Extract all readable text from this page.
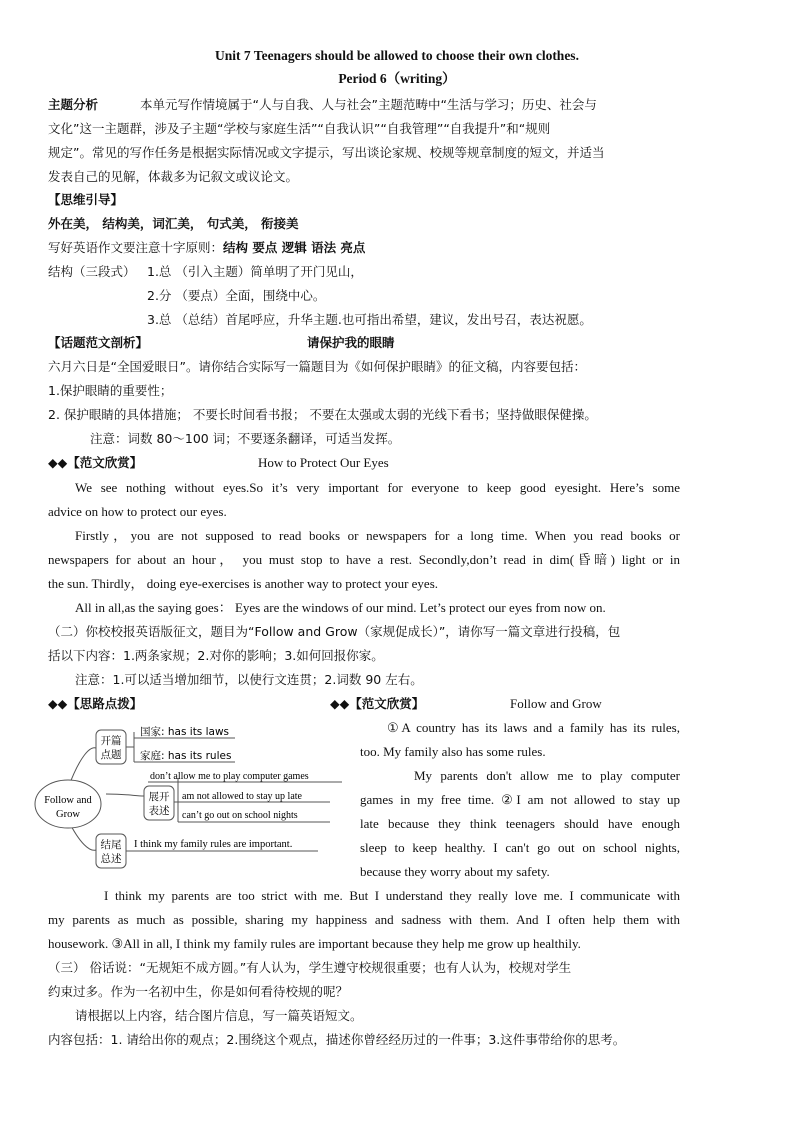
Unit 7 Teenagers should be allowed to choose their own clothes.
Period 6（writing）
主题分析	本单元写作情境属于“人与自我、人与社会”主题范畴中“生活与学习；历史、社会与
文化”这一主题群，涉及子主题“学校与家庭生活”“自我认识”“自我管理”“自我提升”和“规则
规定”。常见的写作任务是根据实际情况或文字提示，写出谈论家规、校规等规章制度的短文，并适当
发表自己的见解，体裁多为记叙文或议论文。
【思维引导】
外在美， 结构美，词汇美， 句式美， 衔接美
写好英语作文要注意十字原则：结构 要点 逻辑 语法 亮点
结构（三段式） 1.总 （引入主题）简单明了开门见山，
2.分 （要点）全面，围绕中心。
3.总 （总结）首尾呼应，升华主题.也可指出希望，建议，发出号召，表达祝愿。
【话题范文剖析】	请保护我的眼睛
六月六日是“全国爱眼日”。请你结合实际写一篇题目为《如何保护眼睛》的征文稿，内容要包括：
1.保护眼睛的重要性；
2. 保护眼睛的具体措施； 不要长时间看书报； 不要在太强或太弱的光线下看书；坚持做眼保健操。
注意：词数 80～100 词；不要逐条翻译，可适当发挥。
◆◆【范文欣赏】	How to Protect Our Eyes
We see nothing without eyes.So it’s very important for everyone to keep good eyesight. Here’s some
advice on how to protect our eyes.
Firstly，you are not supposed to read books or newspapers for a long time. When you read books or
newspapers for about an hour， you must stop to have a rest. Secondly,don’t read in dim(昏暗) light or in
the sun. Thirdly， doing eye-exercises is another way to protect your eyes.
All in all,as the saying goes： Eyes are the windows of our mind. Let’s protect our eyes from now on.
（二）你校校报英语版征文，题目为“Follow and Grow（家规促成长）”，请你写一篇文章进行投稿，包
括以下内容：1.两条家规；2.对你的影响；3.如何回报你家。
注意：1.可以适当增加细节，以使行文连贯；2.词数 90 左右。
◆◆【思路点拨】	◆◆【范文欣赏】	Follow and Grow
Follow and
Grow
开篇
点题
国家: has its laws
家庭: has its rules
展开
表述
don’t allow me to play computer games
am not allowed to stay up late
can’t go out on school nights
结尾
总述
I think my family rules are important.
①A country has its laws and a family has its rules,
too. My family also has some rules.
My parents don't allow me to play computer
games in my free time. ②I am not allowed to stay up
late because they think teenagers should have enough
sleep to keep healthy. I can't go out on school nights,
because they worry about my safety.
I think my parents are too strict with me. But I understand they really love me. I communicate with
my parents as much as possible, sharing my happiness and sadness with them. And I often help them with
housework. ③All in all, I think my family rules are important because they help me grow up healthily.
（三） 俗话说：“无规矩不成方圆。”有人认为，学生遵守校规很重要；也有人认为，校规对学生
约束过多。作为一名初中生，你是如何看待校规的呢？
请根据以上内容，结合图片信息，写一篇英语短文。
内容包括：1. 请给出你的观点；2.围绕这个观点，描述你曾经经历过的一件事；3.这件事带给你的思考。
